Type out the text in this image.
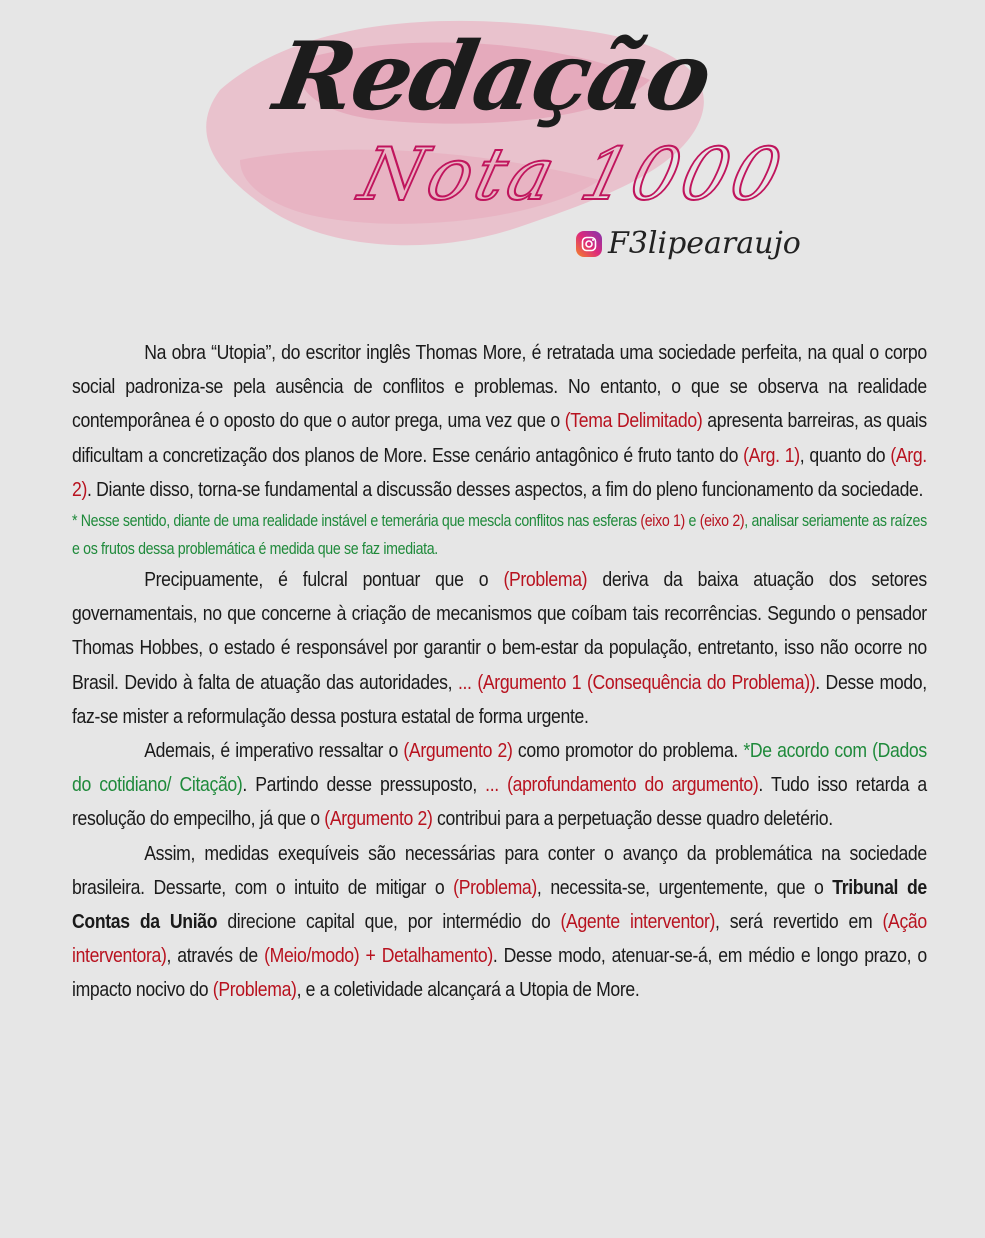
Redação
Nota 1000
F3lipearaujo

Na obra “Utopia”, do escritor inglês Thomas More, é retratada uma sociedade perfeita, na qual o corpo social padroniza-se pela ausência de conflitos e problemas. No entanto, o que se observa na realidade contemporânea é o oposto do que o autor prega, uma vez que o (Tema Delimitado) apresenta barreiras, as quais dificultam a concretização dos planos de More. Esse cenário antagônico é fruto tanto do (Arg. 1), quanto do (Arg. 2). Diante disso, torna-se fundamental a discussão desses aspectos, a fim do pleno funcionamento da sociedade.

* Nesse sentido, diante de uma realidade instável e temerária que mescla conflitos nas esferas (eixo 1) e (eixo 2), analisar seriamente as raízes e os frutos dessa problemática é medida que se faz imediata.

Precipuamente, é fulcral pontuar que o (Problema) deriva da baixa atuação dos setores governamentais, no que concerne à criação de mecanismos que coíbam tais recorrências. Segundo o pensador Thomas Hobbes, o estado é responsável por garantir o bem-estar da população, entretanto, isso não ocorre no Brasil. Devido à falta de atuação das autoridades, ... (Argumento 1 (Consequência do Problema)). Desse modo, faz-se mister a reformulação dessa postura estatal de forma urgente.

Ademais, é imperativo ressaltar o (Argumento 2) como promotor do problema. *De acordo com (Dados do cotidiano/ Citação). Partindo desse pressuposto, ... (aprofundamento do argumento). Tudo isso retarda a resolução do empecilho, já que o (Argumento 2) contribui para a perpetuação desse quadro deletério.

Assim, medidas exequíveis são necessárias para conter o avanço da problemática na sociedade brasileira. Dessarte, com o intuito de mitigar o (Problema), necessita-se, urgentemente, que o Tribunal de Contas da União direcione capital que, por intermédio do (Agente interventor), será revertido em (Ação interventora), através de (Meio/modo) + Detalhamento). Desse modo, atenuar-se-á, em médio e longo prazo, o impacto nocivo do (Problema), e a coletividade alcançará a Utopia de More.
